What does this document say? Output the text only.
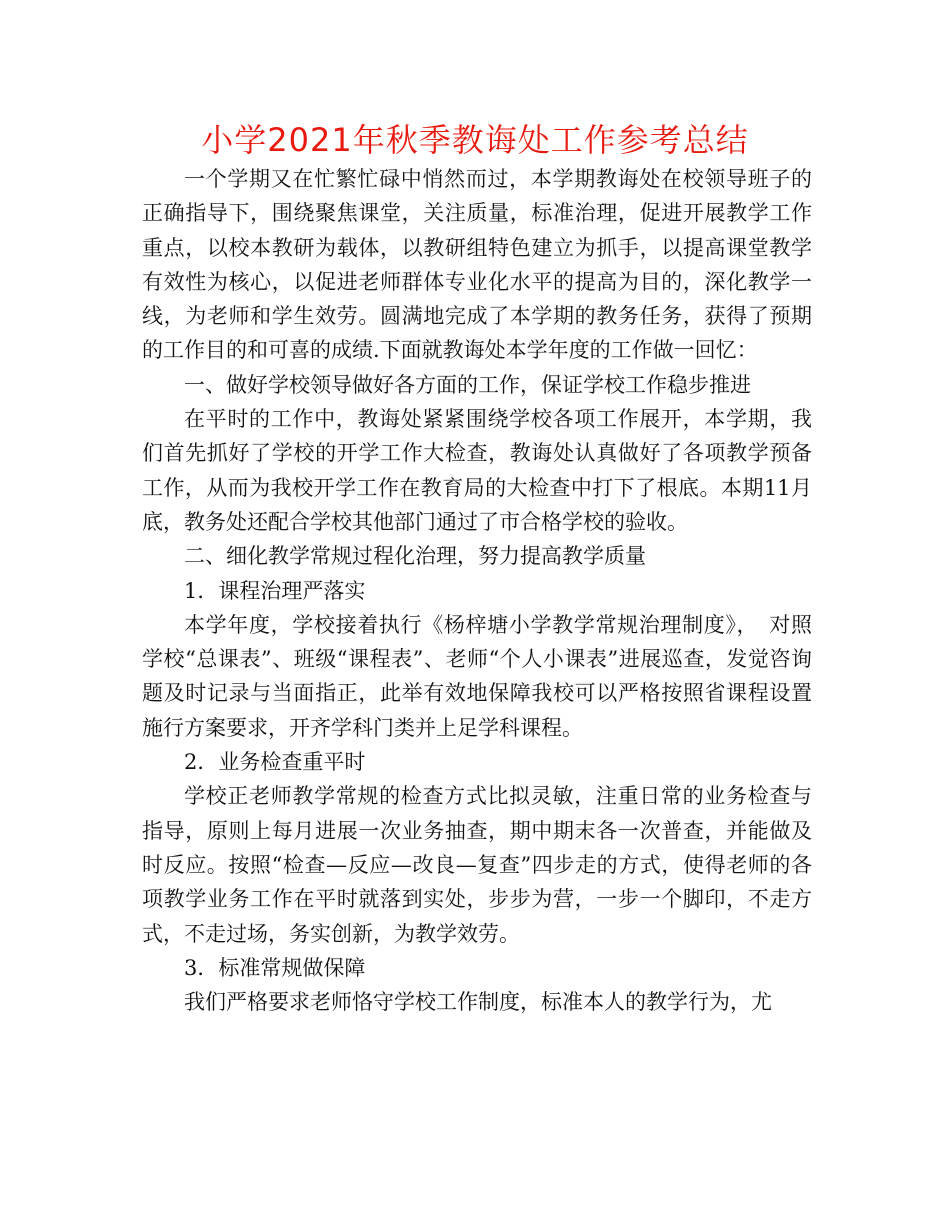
小学2021年秋季教诲处工作参考总结

一个学期又在忙繁忙碌中悄然而过，本学期教诲处在校领导班子的正确指导下，围绕聚焦课堂，关注质量，标准治理，促进开展教学工作重点，以校本教研为载体，以教研组特色建立为抓手，以提高课堂教学有效性为核心，以促进老师群体专业化水平的提高为目的，深化教学一线，为老师和学生效劳。圆满地完成了本学期的教务任务，获得了预期的工作目的和可喜的成绩.下面就教诲处本学年度的工作做一回忆：

一、做好学校领导做好各方面的工作，保证学校工作稳步推进

在平时的工作中，教诲处紧紧围绕学校各项工作展开，本学期，我们首先抓好了学校的开学工作大检查，教诲处认真做好了各项教学预备工作，从而为我校开学工作在教育局的大检查中打下了根底。本期11月底，教务处还配合学校其他部门通过了市合格学校的验收。

二、细化教学常规过程化治理，努力提高教学质量

1．课程治理严落实

本学年度，学校接着执行《杨梓塘小学教学常规治理制度》，　对照学校“总课表”、班级“课程表”、老师“个人小课表”进展巡查，发觉咨询题及时记录与当面指正，此举有效地保障我校可以严格按照省课程设置施行方案要求，开齐学科门类并上足学科课程。

2．业务检查重平时

学校正老师教学常规的检查方式比拟灵敏，注重日常的业务检查与指导，原则上每月进展一次业务抽查，期中期末各一次普查，并能做及时反应。按照“检查—反应—改良—复查”四步走的方式，使得老师的各项教学业务工作在平时就落到实处，步步为营，一步一个脚印，不走方式，不走过场，务实创新，为教学效劳。

3．标准常规做保障

我们严格要求老师恪守学校工作制度，标准本人的教学行为，尤
